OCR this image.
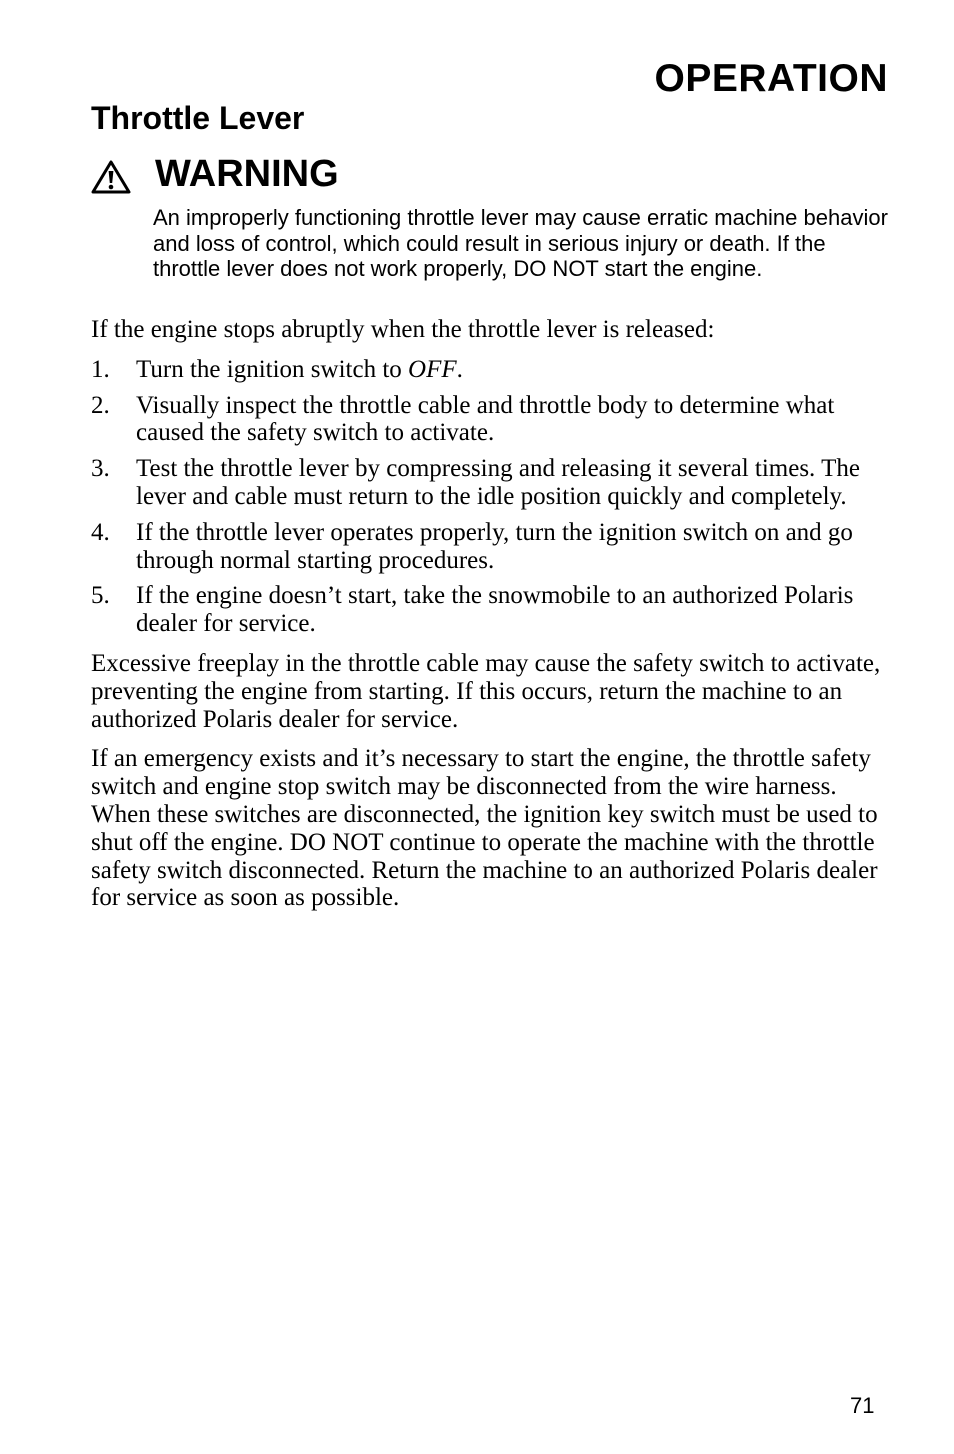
OPERATION
Throttle Lever
WARNING

An improperly functioning throttle lever may cause erratic machine behavior and loss of control, which could result in serious injury or death. If the throttle lever does not work properly, DO NOT start the engine.

If the engine stops abruptly when the throttle lever is released:

1. Turn the ignition switch to OFF.
2. Visually inspect the throttle cable and throttle body to determine what caused the safety switch to activate.
3. Test the throttle lever by compressing and releasing it several times. The lever and cable must return to the idle position quickly and completely.
4. If the throttle lever operates properly, turn the ignition switch on and go through normal starting procedures.
5. If the engine doesn’t start, take the snowmobile to an authorized Polaris dealer for service.

Excessive freeplay in the throttle cable may cause the safety switch to activate, preventing the engine from starting. If this occurs, return the machine to an authorized Polaris dealer for service.

If an emergency exists and it’s necessary to start the engine, the throttle safety switch and engine stop switch may be disconnected from the wire harness. When these switches are disconnected, the ignition key switch must be used to shut off the engine. DO NOT continue to operate the machine with the throttle safety switch disconnected. Return the machine to an authorized Polaris dealer for service as soon as possible.

71
